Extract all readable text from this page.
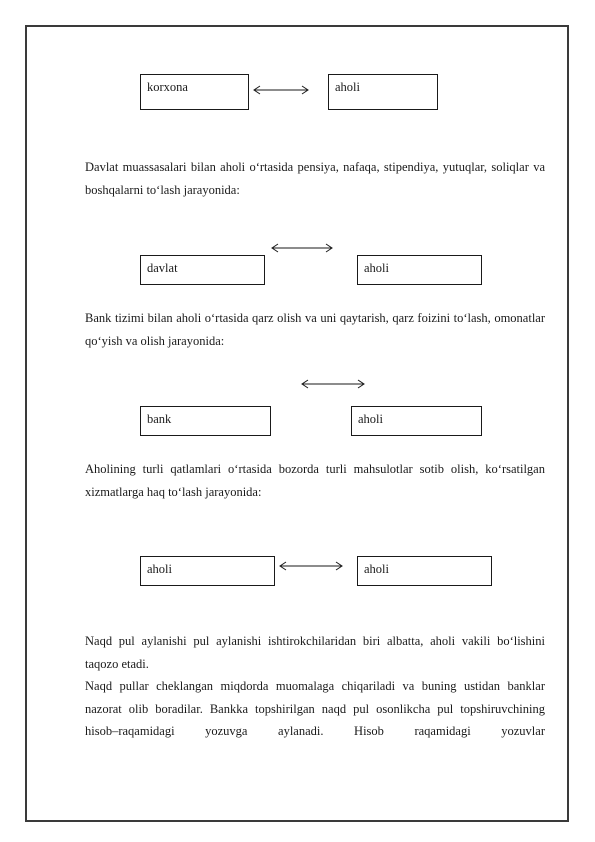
korxona	aholi

Davlat muassasalari bilan aholi o‘rtasida pensiya, nafaqa, stipendiya, yutuqlar, soliqlar va boshqalarni to‘lash jarayonida:

davlat	aholi

Bank tizimi bilan aholi o‘rtasida qarz olish va uni qaytarish, qarz foizini to‘lash, omonatlar qo‘yish va olish jarayonida:

bank	aholi

Aholining turli qatlamlari o‘rtasida bozorda turli mahsulotlar sotib olish, ko‘rsatilgan xizmatlarga haq to‘lash jarayonida:

aholi	aholi

Naqd pul aylanishi pul aylanishi ishtirokchilaridan biri albatta, aholi vakili bo‘lishini taqozo etadi.

Naqd pullar cheklangan miqdorda muomalaga chiqariladi va buning ustidan banklar nazorat olib boradilar. Bankka topshirilgan naqd pul osonlikcha pul topshiruvchining hisob–raqamidagi yozuvga aylanadi. Hisob raqamidagi yozuvlar
